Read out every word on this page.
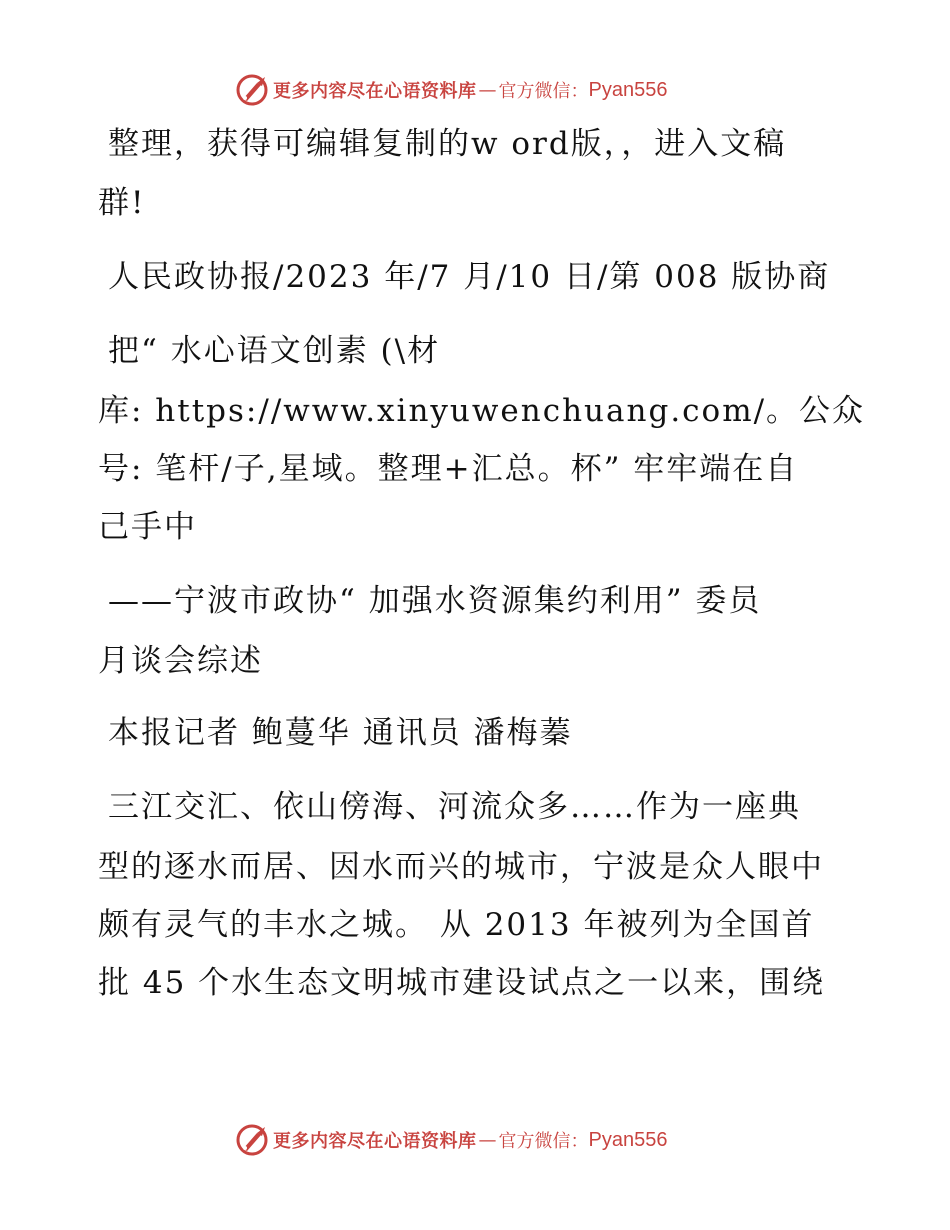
更多内容尽在心语资料库 — 官方微信： Pyan556
整理，获得可编辑复制的w ord版，，进入文稿
群!
人民政协报/2023 年/7 月/10 日/第 008 版协商
把“ 水心语文创素 (\材
库: https://www.xinyuwenchuang.com/。公众
号: 笔杆/子,星域。整理+汇总。杯” 牢牢端在自
己手中
——宁波市政协“ 加强水资源集约利用” 委员
月谈会综述
本报记者 鲍蔓华 通讯员 潘梅蓁
三江交汇、依山傍海、河流众多……作为一座典
型的逐水而居、因水而兴的城市，宁波是众人眼中
颇有灵气的丰水之城。 从 2013 年被列为全国首
批 45 个水生态文明城市建设试点之一以来，围绕
更多内容尽在心语资料库 — 官方微信： Pyan556
